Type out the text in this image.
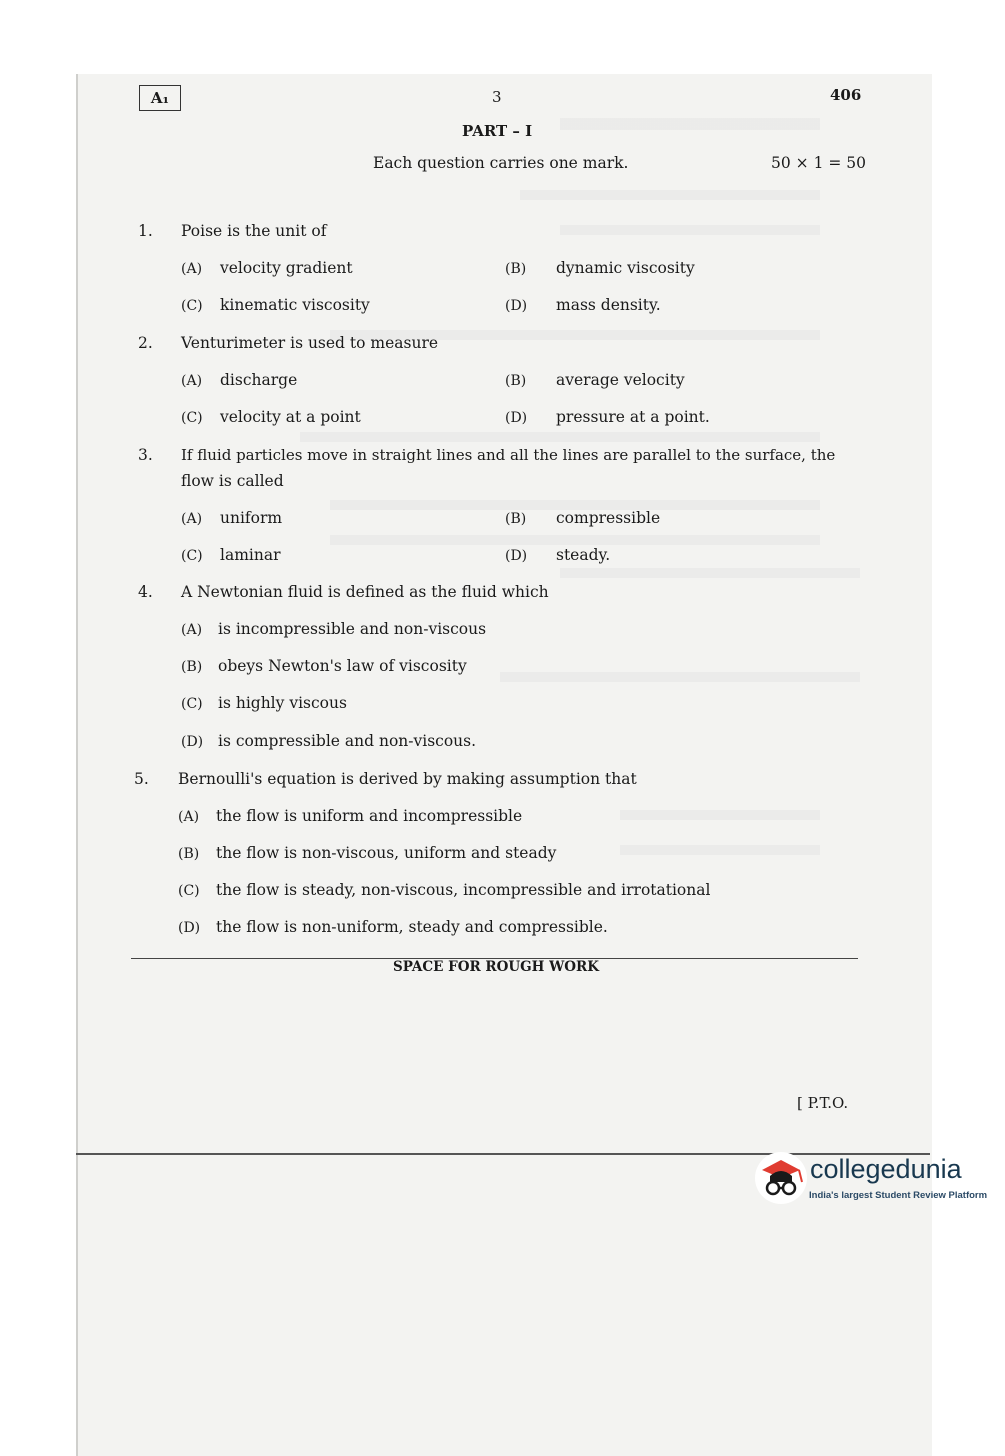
A₁	3	406
PART – I
Each question carries one mark.	50 × 1 = 50
1. Poise is the unit of
(A) velocity gradient	(B) dynamic viscosity
(C) kinematic viscosity	(D) mass density.
2. Venturimeter is used to measure
(A) discharge	(B) average velocity
(C) velocity at a point	(D) pressure at a point.
3. If fluid particles move in straight lines and all the lines are parallel to the surface, the
flow is called
(A) uniform	(B) compressible
(C) laminar	(D) steady.
4. A Newtonian fluid is defined as the fluid which
(A) is incompressible and non-viscous
(B) obeys Newton's law of viscosity
(C) is highly viscous
(D) is compressible and non-viscous.
5. Bernoulli's equation is derived by making assumption that
(A) the flow is uniform and incompressible
(B) the flow is non-viscous, uniform and steady
(C) the flow is steady, non-viscous, incompressible and irrotational
(D) the flow is non-uniform, steady and compressible.
SPACE FOR ROUGH WORK
[ P.T.O.
collegedunia
India's largest Student Review Platform
